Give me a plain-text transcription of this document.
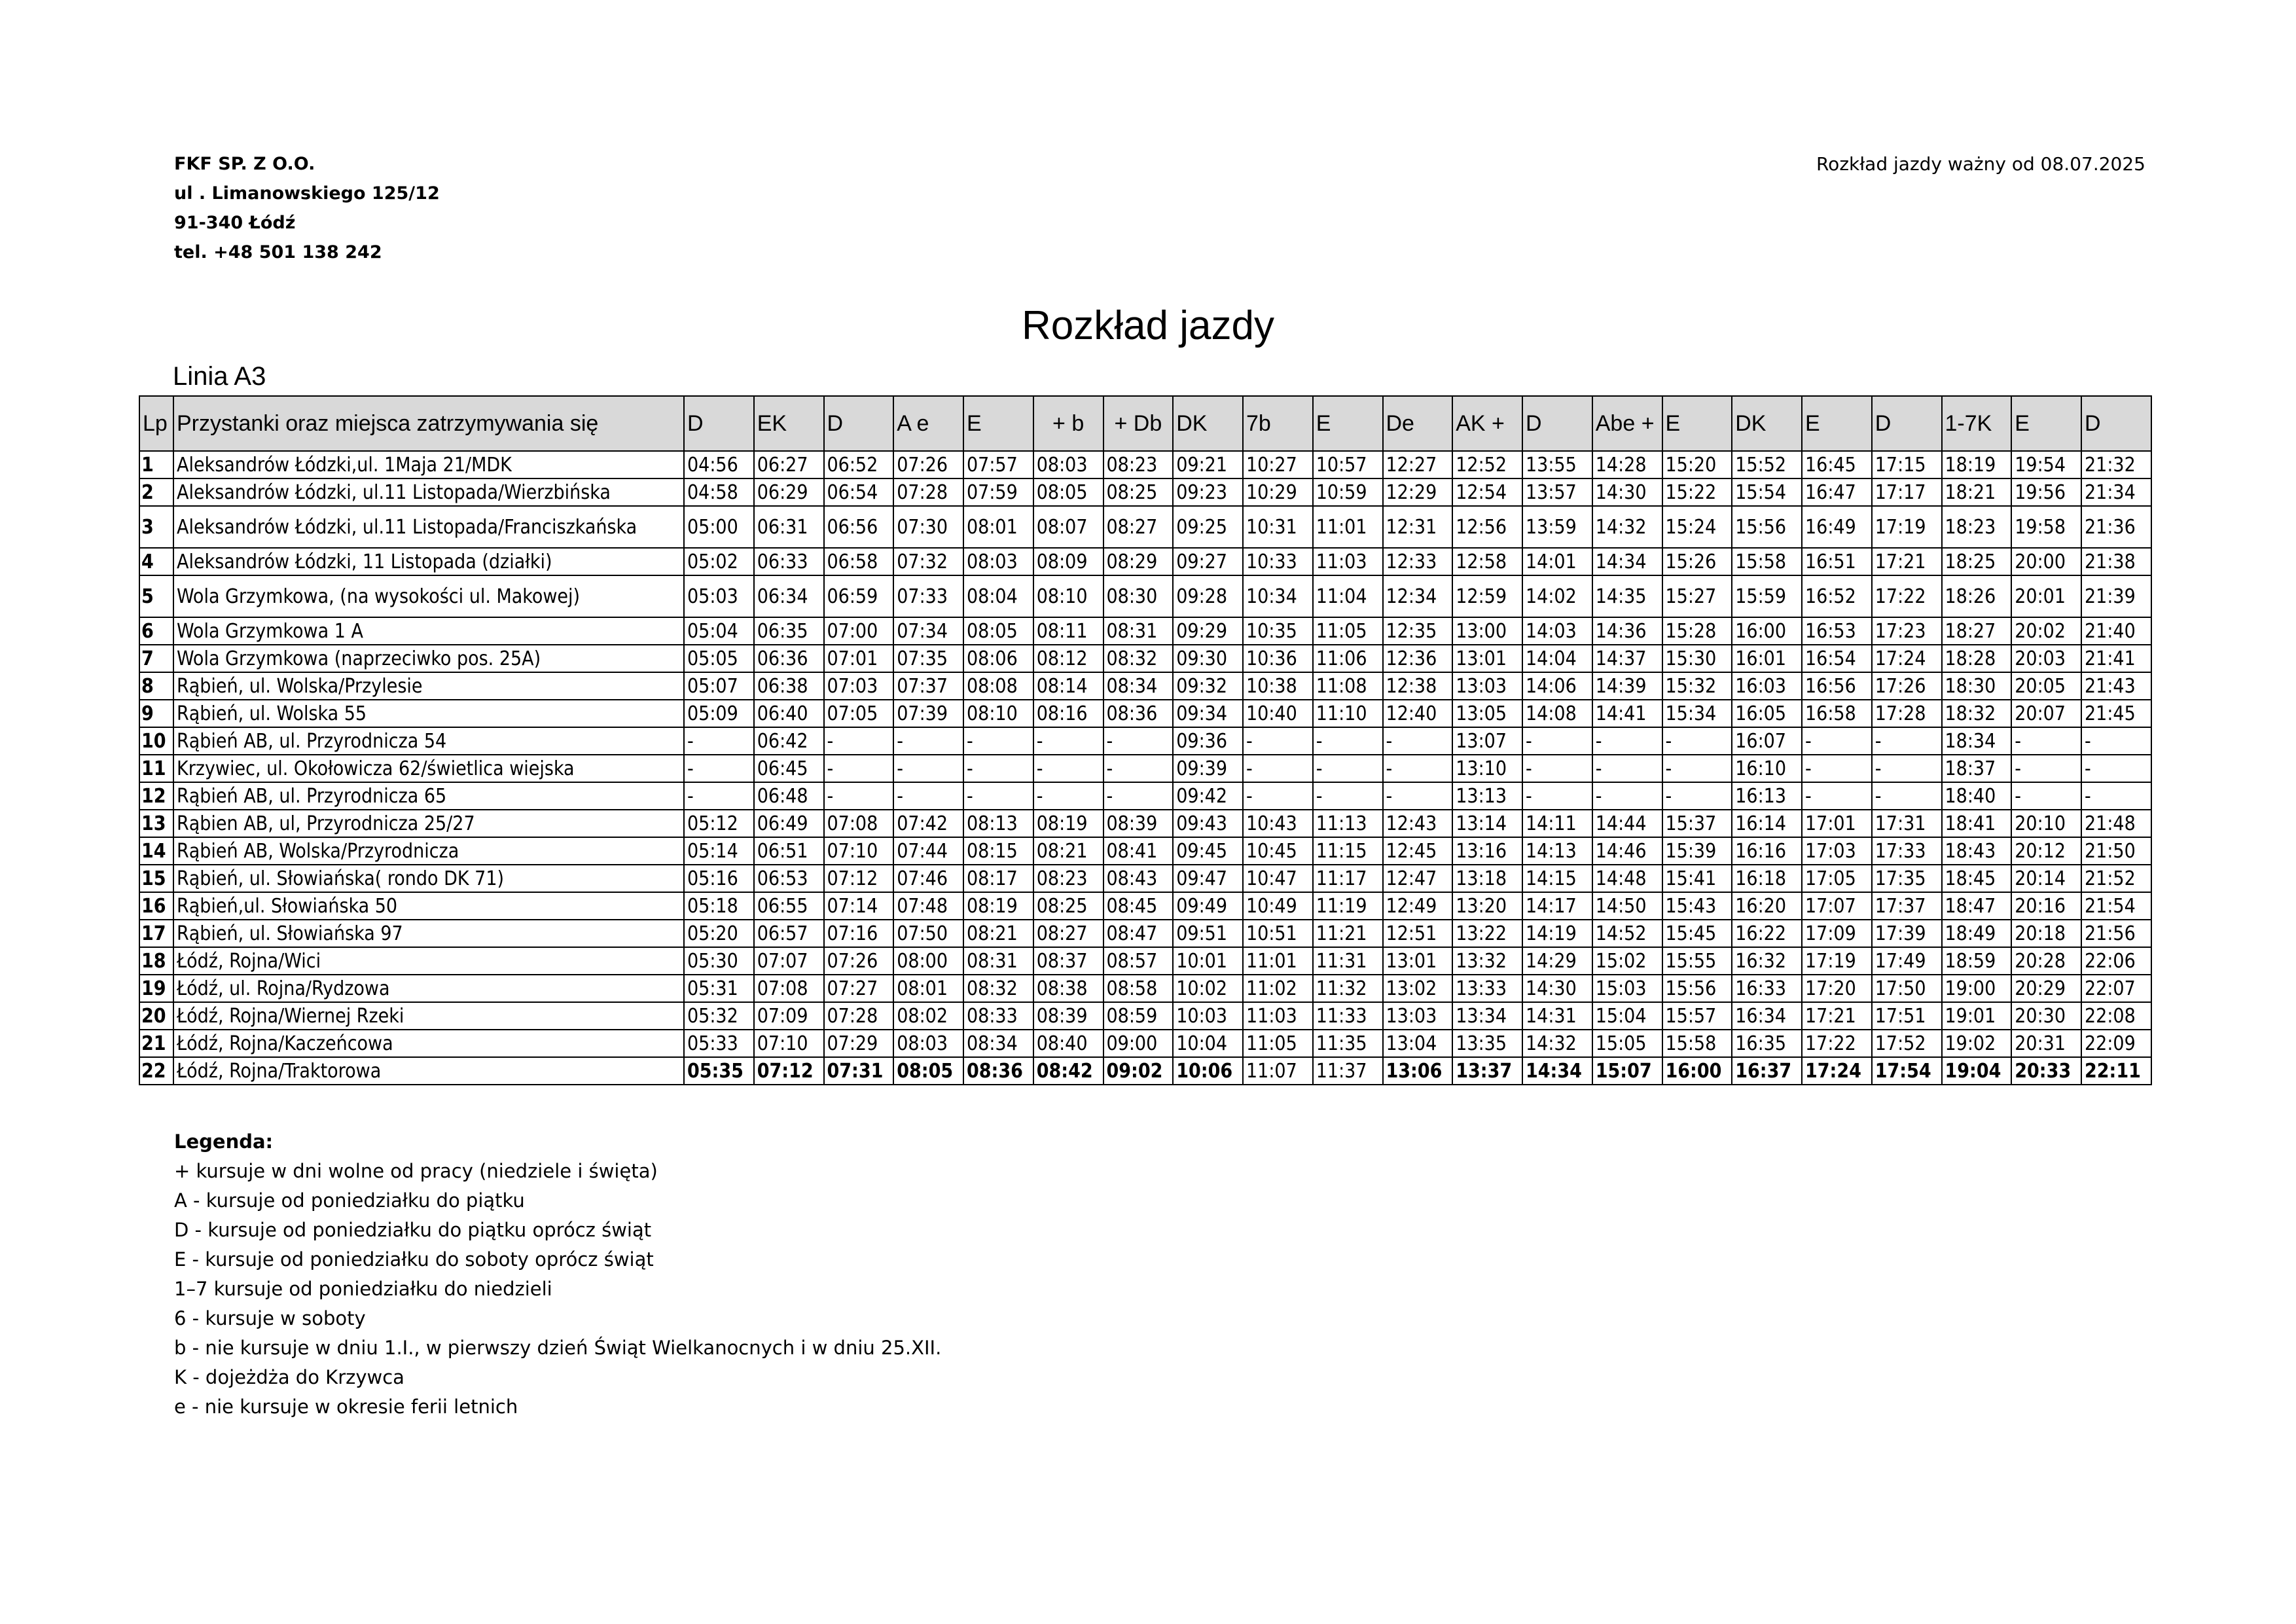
FKF SP. Z O.O.
ul . Limanowskiego 125/12
91-340 Łódź
tel. +48 501 138 242
Rozkład jazdy ważny od 08.07.2025
Rozkład jazdy
Linia A3
Lp	Przystanki oraz miejsca zatrzymywania się	D	EK	D	A e	E	+ b	+ Db	DK	7b	E	De	AK +	D	Abe +	E	DK	E	D	1-7K	E	D
1	Aleksandrów Łódzki,ul. 1Maja 21/MDK	04:56	06:27	06:52	07:26	07:57	08:03	08:23	09:21	10:27	10:57	12:27	12:52	13:55	14:28	15:20	15:52	16:45	17:15	18:19	19:54	21:32
2	Aleksandrów Łódzki, ul.11 Listopada/Wierzbińska	04:58	06:29	06:54	07:28	07:59	08:05	08:25	09:23	10:29	10:59	12:29	12:54	13:57	14:30	15:22	15:54	16:47	17:17	18:21	19:56	21:34
3	Aleksandrów Łódzki, ul.11 Listopada/Franciszkańska	05:00	06:31	06:56	07:30	08:01	08:07	08:27	09:25	10:31	11:01	12:31	12:56	13:59	14:32	15:24	15:56	16:49	17:19	18:23	19:58	21:36
4	Aleksandrów Łódzki, 11 Listopada (działki)	05:02	06:33	06:58	07:32	08:03	08:09	08:29	09:27	10:33	11:03	12:33	12:58	14:01	14:34	15:26	15:58	16:51	17:21	18:25	20:00	21:38
5	Wola Grzymkowa, (na wysokości ul. Makowej)	05:03	06:34	06:59	07:33	08:04	08:10	08:30	09:28	10:34	11:04	12:34	12:59	14:02	14:35	15:27	15:59	16:52	17:22	18:26	20:01	21:39
6	Wola Grzymkowa 1 A	05:04	06:35	07:00	07:34	08:05	08:11	08:31	09:29	10:35	11:05	12:35	13:00	14:03	14:36	15:28	16:00	16:53	17:23	18:27	20:02	21:40
7	Wola Grzymkowa (naprzeciwko pos. 25A)	05:05	06:36	07:01	07:35	08:06	08:12	08:32	09:30	10:36	11:06	12:36	13:01	14:04	14:37	15:30	16:01	16:54	17:24	18:28	20:03	21:41
8	Rąbień, ul. Wolska/Przylesie	05:07	06:38	07:03	07:37	08:08	08:14	08:34	09:32	10:38	11:08	12:38	13:03	14:06	14:39	15:32	16:03	16:56	17:26	18:30	20:05	21:43
9	Rąbień, ul. Wolska 55	05:09	06:40	07:05	07:39	08:10	08:16	08:36	09:34	10:40	11:10	12:40	13:05	14:08	14:41	15:34	16:05	16:58	17:28	18:32	20:07	21:45
10	Rąbień AB, ul. Przyrodnicza 54	-	06:42	-	-	-	-	-	09:36	-	-	-	13:07	-	-	-	16:07	-	-	18:34	-	-
11	Krzywiec, ul. Okołowicza 62/świetlica wiejska	-	06:45	-	-	-	-	-	09:39	-	-	-	13:10	-	-	-	16:10	-	-	18:37	-	-
12	Rąbień AB, ul. Przyrodnicza 65	-	06:48	-	-	-	-	-	09:42	-	-	-	13:13	-	-	-	16:13	-	-	18:40	-	-
13	Rąbien AB, ul, Przyrodnicza 25/27	05:12	06:49	07:08	07:42	08:13	08:19	08:39	09:43	10:43	11:13	12:43	13:14	14:11	14:44	15:37	16:14	17:01	17:31	18:41	20:10	21:48
14	Rąbień AB, Wolska/Przyrodnicza	05:14	06:51	07:10	07:44	08:15	08:21	08:41	09:45	10:45	11:15	12:45	13:16	14:13	14:46	15:39	16:16	17:03	17:33	18:43	20:12	21:50
15	Rąbień, ul. Słowiańska( rondo DK 71)	05:16	06:53	07:12	07:46	08:17	08:23	08:43	09:47	10:47	11:17	12:47	13:18	14:15	14:48	15:41	16:18	17:05	17:35	18:45	20:14	21:52
16	Rąbień,ul. Słowiańska 50	05:18	06:55	07:14	07:48	08:19	08:25	08:45	09:49	10:49	11:19	12:49	13:20	14:17	14:50	15:43	16:20	17:07	17:37	18:47	20:16	21:54
17	Rąbień, ul. Słowiańska 97	05:20	06:57	07:16	07:50	08:21	08:27	08:47	09:51	10:51	11:21	12:51	13:22	14:19	14:52	15:45	16:22	17:09	17:39	18:49	20:18	21:56
18	Łódź, Rojna/Wici	05:30	07:07	07:26	08:00	08:31	08:37	08:57	10:01	11:01	11:31	13:01	13:32	14:29	15:02	15:55	16:32	17:19	17:49	18:59	20:28	22:06
19	Łódź, ul. Rojna/Rydzowa	05:31	07:08	07:27	08:01	08:32	08:38	08:58	10:02	11:02	11:32	13:02	13:33	14:30	15:03	15:56	16:33	17:20	17:50	19:00	20:29	22:07
20	Łódź, Rojna/Wiernej Rzeki	05:32	07:09	07:28	08:02	08:33	08:39	08:59	10:03	11:03	11:33	13:03	13:34	14:31	15:04	15:57	16:34	17:21	17:51	19:01	20:30	22:08
21	Łódź, Rojna/Kaczeńcowa	05:33	07:10	07:29	08:03	08:34	08:40	09:00	10:04	11:05	11:35	13:04	13:35	14:32	15:05	15:58	16:35	17:22	17:52	19:02	20:31	22:09
22	Łódź, Rojna/Traktorowa	05:35	07:12	07:31	08:05	08:36	08:42	09:02	10:06	11:07	11:37	13:06	13:37	14:34	15:07	16:00	16:37	17:24	17:54	19:04	20:33	22:11
Legenda:
+ kursuje w dni wolne od pracy (niedziele i święta)
A - kursuje od poniedziałku do piątku
D - kursuje od poniedziałku do piątku oprócz świąt
E - kursuje od poniedziałku do soboty oprócz świąt
1–7 kursuje od poniedziałku do niedzieli
6 - kursuje w soboty
b - nie kursuje w dniu 1.I., w pierwszy dzień Świąt Wielkanocnych i w dniu 25.XII.
K - dojeżdża do Krzywca
e - nie kursuje w okresie ferii letnich
